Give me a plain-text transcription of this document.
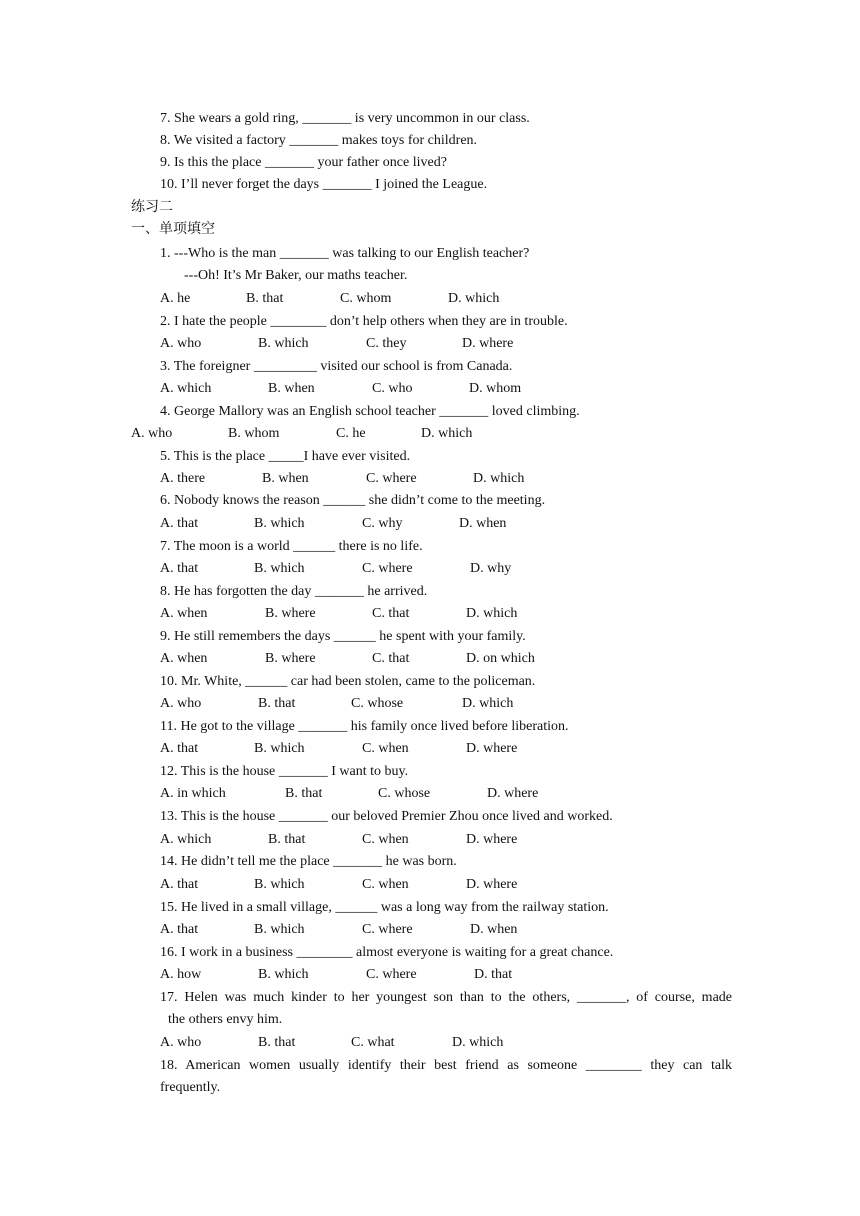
7. She wears a gold ring, _______ is very uncommon in our class.
8. We visited a factory _______ makes toys for children.
9. Is this the place _______ your father once lived?
10. I’ll never forget the days _______ I joined the League.
练习二
一、单项填空
1. ---Who is the man _______ was talking to our English teacher?
---Oh! It’s Mr Baker, our maths teacher.
A. he	B. that	C. whom	D. which
2. I hate the people ________ don’t help others when they are in trouble.
A. who	B. which	C. they	D. where
3. The foreigner _________ visited our school is from Canada.
A. which	B. when	C. who	D. whom
4. George Mallory was an English school teacher _______ loved climbing.
A. who	B. whom	C. he	D. which
5. This is the place _____I have ever visited.
A. there	B. when	C. where	D. which
6. Nobody knows the reason ______ she didn’t come to the meeting.
A. that	B. which	C. why	D. when
7. The moon is a world ______ there is no life.
A. that	B. which	C. where	D. why
8. He has forgotten the day _______ he arrived.
A. when	B. where	C. that	D. which
9. He still remembers the days ______ he spent with your family.
A. when	B. where	C. that	D. on which
10. Mr. White, ______ car had been stolen, came to the policeman.
A. who	B. that	C. whose	D. which
11. He got to the village _______ his family once lived before liberation.
A. that	B. which	C. when	D. where
12. This is the house _______ I want to buy.
A. in which	B. that	C. whose	D. where
13. This is the house _______ our beloved Premier Zhou once lived and worked.
A. which	B. that	C. when	D. where
14. He didn’t tell me the place _______ he was born.
A. that	B. which	C. when	D. where
15. He lived in a small village, ______ was a long way from the railway station.
A. that	B. which	C. where	D. when
16. I work in a business ________ almost everyone is waiting for a great chance.
A. how	B. which	C. where	D. that
17. Helen was much kinder to her youngest son than to the others, _______, of course, made
the others envy him.
A. who	B. that	C. what	D. which
18. American women usually identify their best friend as someone ________ they can talk
frequently.
